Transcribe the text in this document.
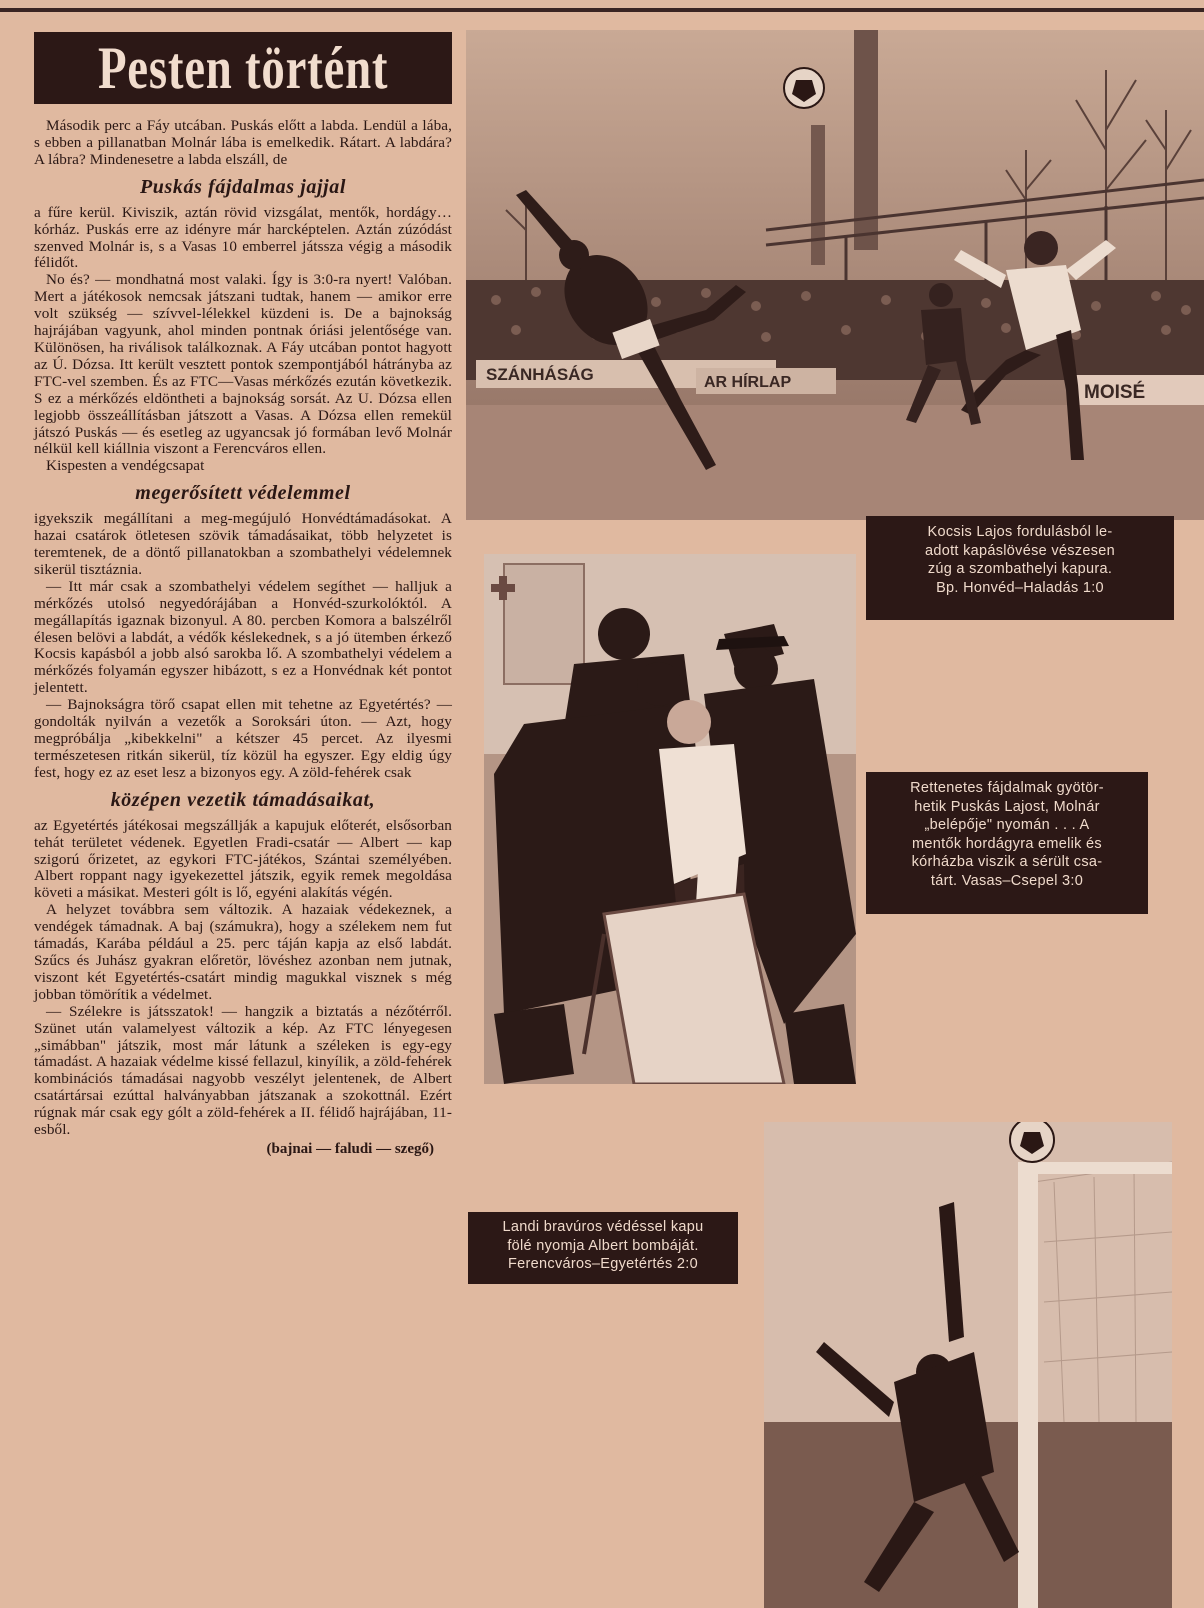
Pesten történt

Második perc a Fáy utcában. Puskás előtt a labda. Lendül a lába, s ebben a pillanatban Molnár lába is emelkedik. Rátart. A labdára? A lábra? Mindenesetre a labda elszáll, de

Puskás fájdalmas jajjal

a fűre kerül. Kiviszik, aztán rövid vizsgálat, mentők, hordágy… kórház. Puskás erre az idényre már harcképtelen. Aztán zúzódást szenved Molnár is, s a Vasas 10 emberrel játssza végig a második félidőt.

No és? — mondhatná most valaki. Így is 3:0-ra nyert! Valóban. Mert a játékosok nemcsak játszani tudtak, hanem — amikor erre volt szükség — szívvel-lélekkel küzdeni is. De a bajnokság hajrájában vagyunk, ahol minden pontnak óriási jelentősége van. Különösen, ha riválisok találkoznak. A Fáy utcában pontot hagyott az Ú. Dózsa. Itt került vesztett pontok szempontjából hátrányba az FTC-vel szemben. És az FTC—Vasas mérkőzés ezután következik. S ez a mérkőzés eldöntheti a bajnokság sorsát. Az U. Dózsa ellen legjobb összeállításban játszott a Vasas. A Dózsa ellen remekül játszó Puskás — és esetleg az ugyancsak jó formában levő Molnár nélkül kell kiállnia viszont a Ferencváros ellen.

Kispesten a vendégcsapat

megerősített védelemmel

igyekszik megállítani a meg-megújuló Honvédtámadásokat. A hazai csatárok ötletesen szövik támadásaikat, több helyzetet is teremtenek, de a döntő pillanatokban a szombathelyi védelemnek sikerül tisztáznia.

— Itt már csak a szombathelyi védelem segíthet — halljuk a mérkőzés utolsó negyedórájában a Honvéd-szurkolóktól. A megállapítás igaznak bizonyul. A 80. percben Komora a balszélről élesen belövi a labdát, a védők késlekednek, s a jó ütemben érkező Kocsis kapásból a jobb alsó sarokba lő. A szombathelyi védelem a mérkőzés folyamán egyszer hibázott, s ez a Honvédnak két pontot jelentett.

— Bajnokságra törő csapat ellen mit tehetne az Egyetértés? — gondolták nyilván a vezetők a Soroksári úton. — Azt, hogy megpróbálja „kibekkelni" a kétszer 45 percet. Az ilyesmi természetesen ritkán sikerül, tíz közül ha egyszer. Egy eldig úgy fest, hogy ez az eset lesz a bizonyos egy. A zöld-fehérek csak

középen vezetik támadásaikat,

az Egyetértés játékosai megszállják a kapujuk előterét, elsősorban tehát területet védenek. Egyetlen Fradi-csatár — Albert — kap szigorú őrizetet, az egykori FTC-játékos, Szántai személyében. Albert roppant nagy igyekezettel játszik, egyik remek megoldása követi a másikat. Mesteri gólt is lő, egyéni alakítás végén.

A helyzet továbbra sem változik. A hazaiak védekeznek, a vendégek támadnak. A baj (számukra), hogy a szélekem nem fut támadás, Karába például a 25. perc táján kapja az első labdát. Szűcs és Juhász gyakran előretör, lövéshez azonban nem jutnak, viszont két Egyetértés-csatárt mindig magukkal visznek s még jobban tömörítik a védelmet.

— Szélekre is játsszatok! — hangzik a biztatás a nézőtérről. Szünet után valamelyest változik a kép. Az FTC lényegesen „simábban" játszik, most már látunk a széleken is egy-egy támadást. A hazaiak védelme kissé fellazul, kinyílik, a zöld-fehérek kombinációs támadásai nagyobb veszélyt jelentenek, de Albert csatártársai ezúttal halványabban játszanak a szokottnál. Ezért rúgnak már csak egy gólt a zöld-fehérek a II. félidő hajrájában, 11-esből.

(bajnai — faludi — szegő)
SZÁNHÁSÁG	AR HÍRLAP	MOISÉ
Kocsis Lajos fordulásból le-
adott kapáslövése vészesen
zúg a szombathelyi kapura.
Bp. Honvéd–Haladás 1:0
Rettenetes fájdalmak gyötör-
hetik Puskás Lajost, Molnár
„belépője" nyomán . . . A
mentők hordágyra emelik és
kórházba viszik a sérült csa-
tárt. Vasas–Csepel 3:0
Landi bravúros védéssel kapu
fölé nyomja Albert bombáját.
Ferencváros–Egyetértés 2:0
